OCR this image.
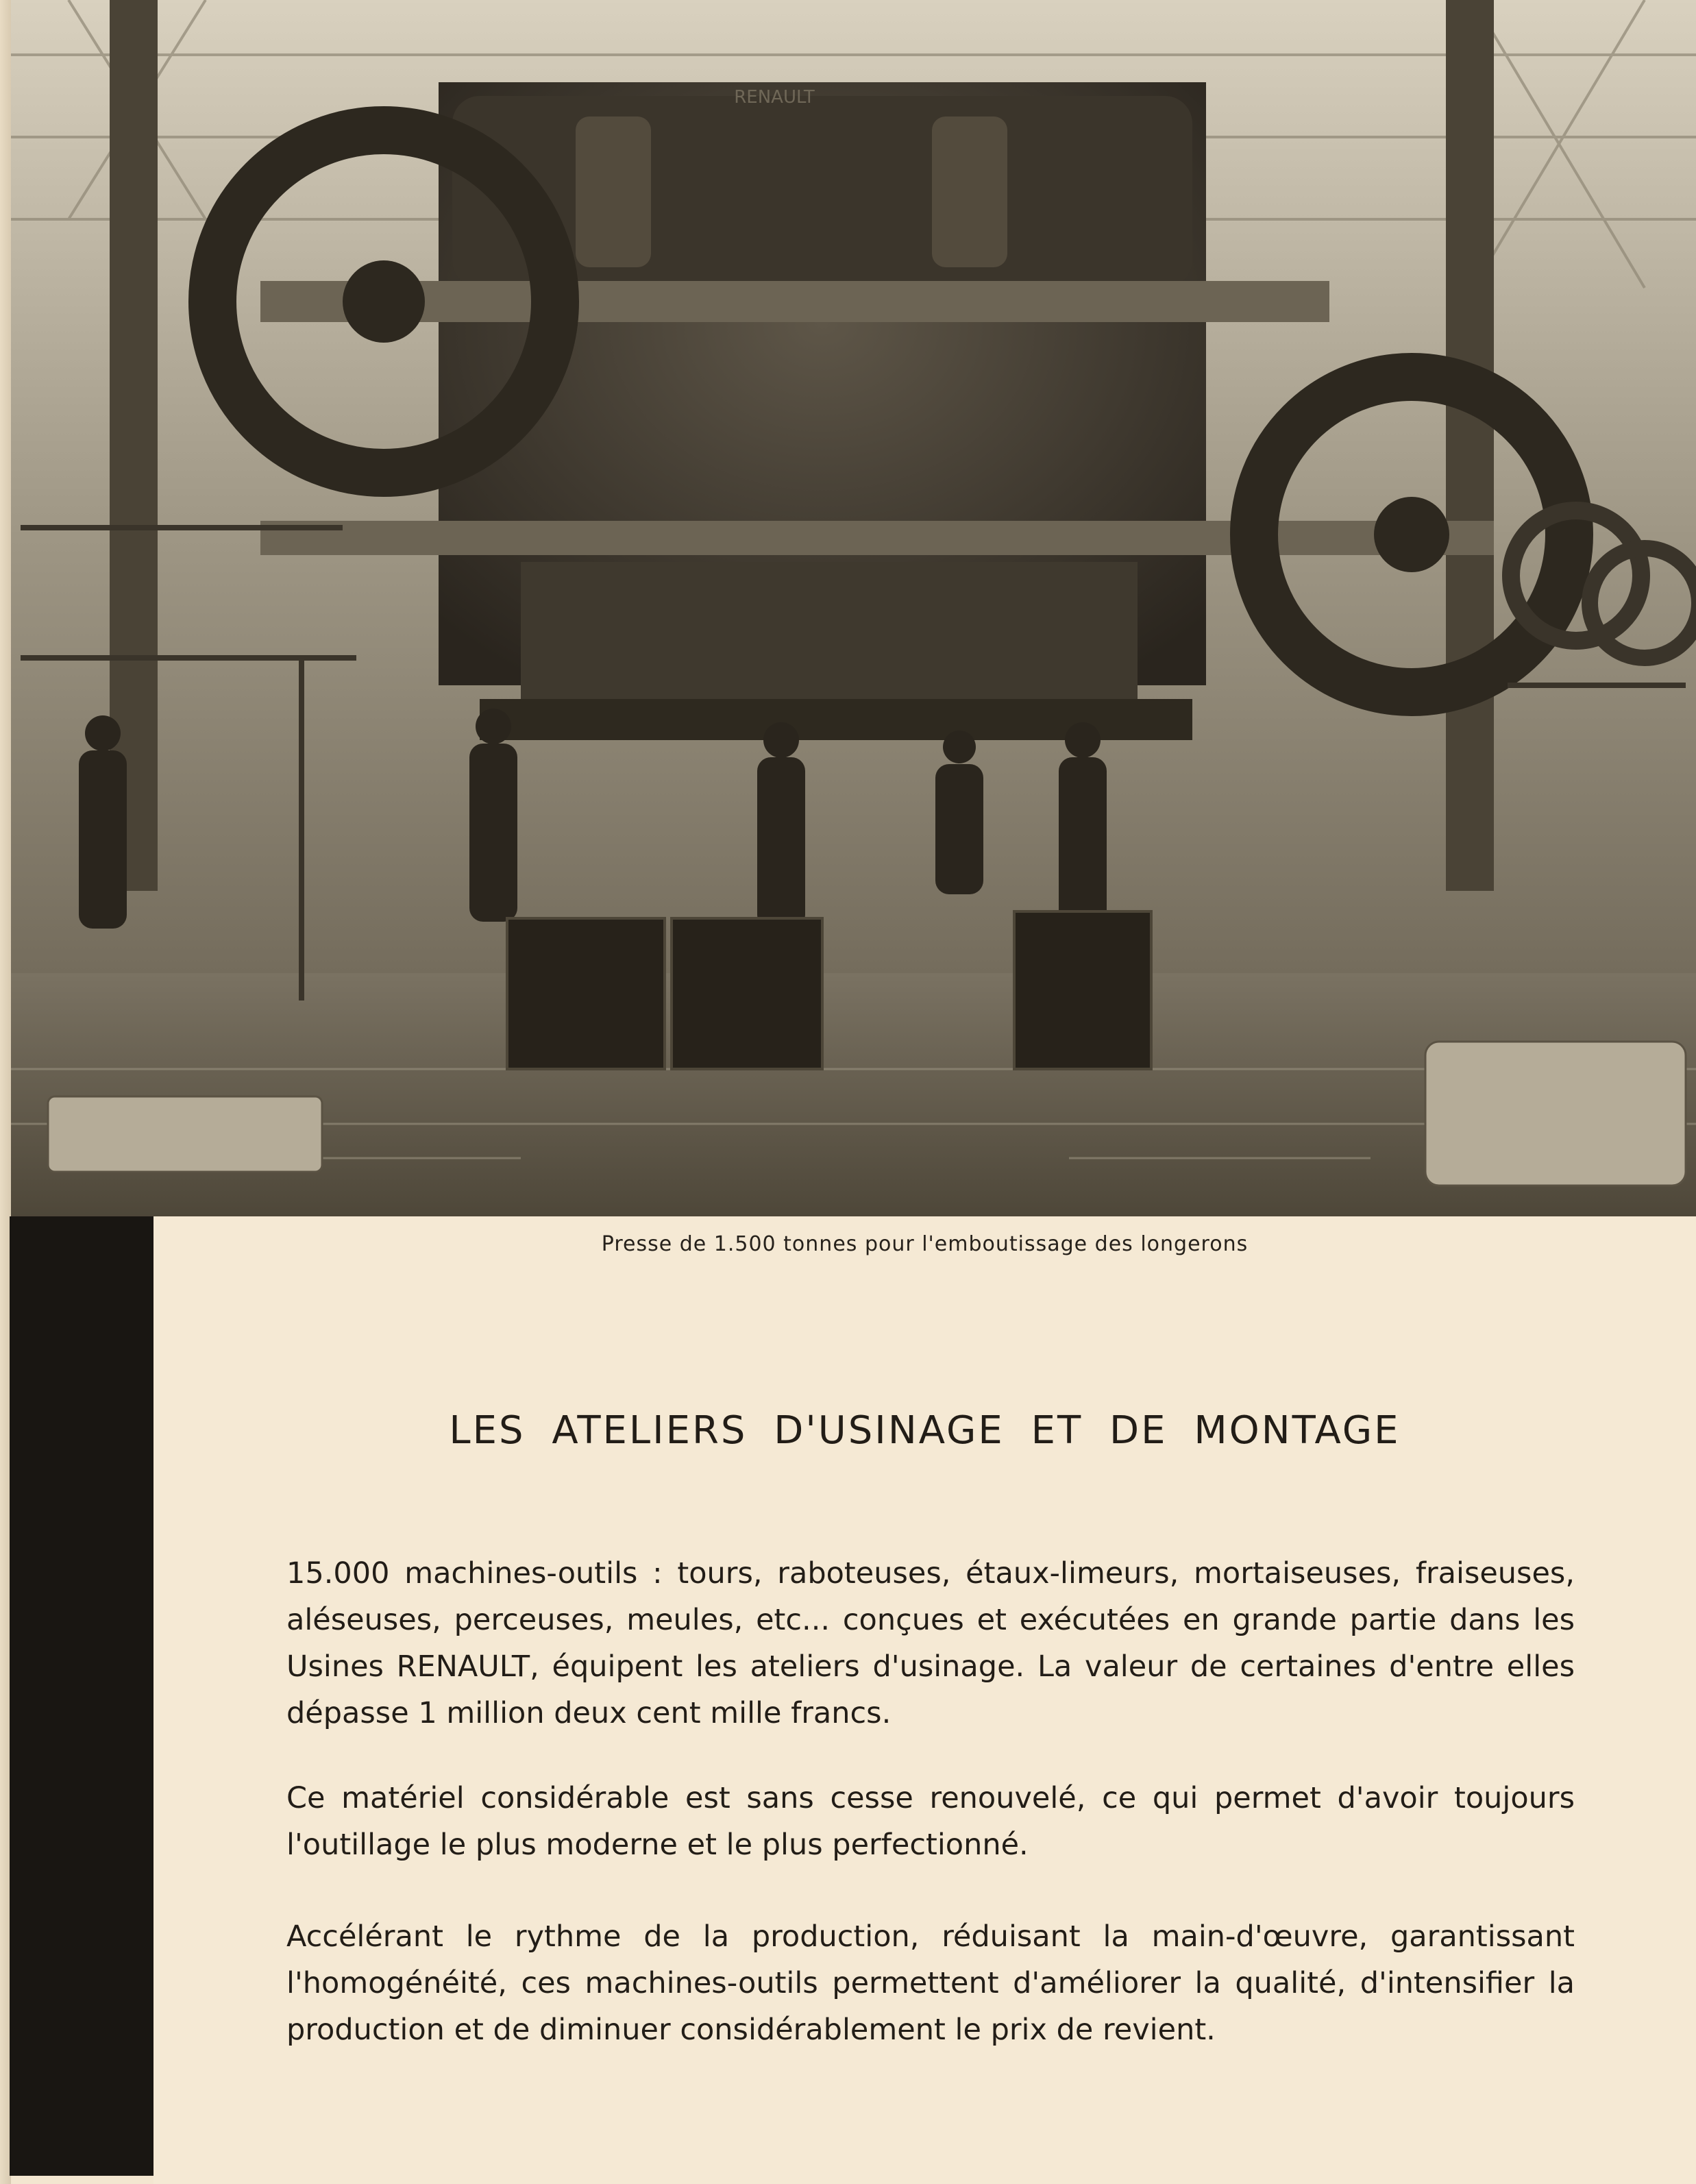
RENAULT
Presse de 1.500 tonnes pour l'emboutissage des longerons
LES ATELIERS D'USINAGE ET DE MONTAGE

15.000 machines-outils : tours, raboteuses, étaux-limeurs, mortaiseuses, fraiseuses, aléseuses, perceuses, meules, etc... conçues et exécutées en grande partie dans les Usines RENAULT, équipent les ateliers d'usinage. La valeur de certaines d'entre elles dépasse 1 million deux cent mille francs.

Ce matériel considérable est sans cesse renouvelé, ce qui permet d'avoir toujours l'outillage le plus moderne et le plus perfectionné.

Accélérant le rythme de la production, réduisant la main-d'œuvre, garantissant l'homogénéité, ces machines-outils permettent d'améliorer la qualité, d'intensifier la production et de diminuer considérablement le prix de revient.
